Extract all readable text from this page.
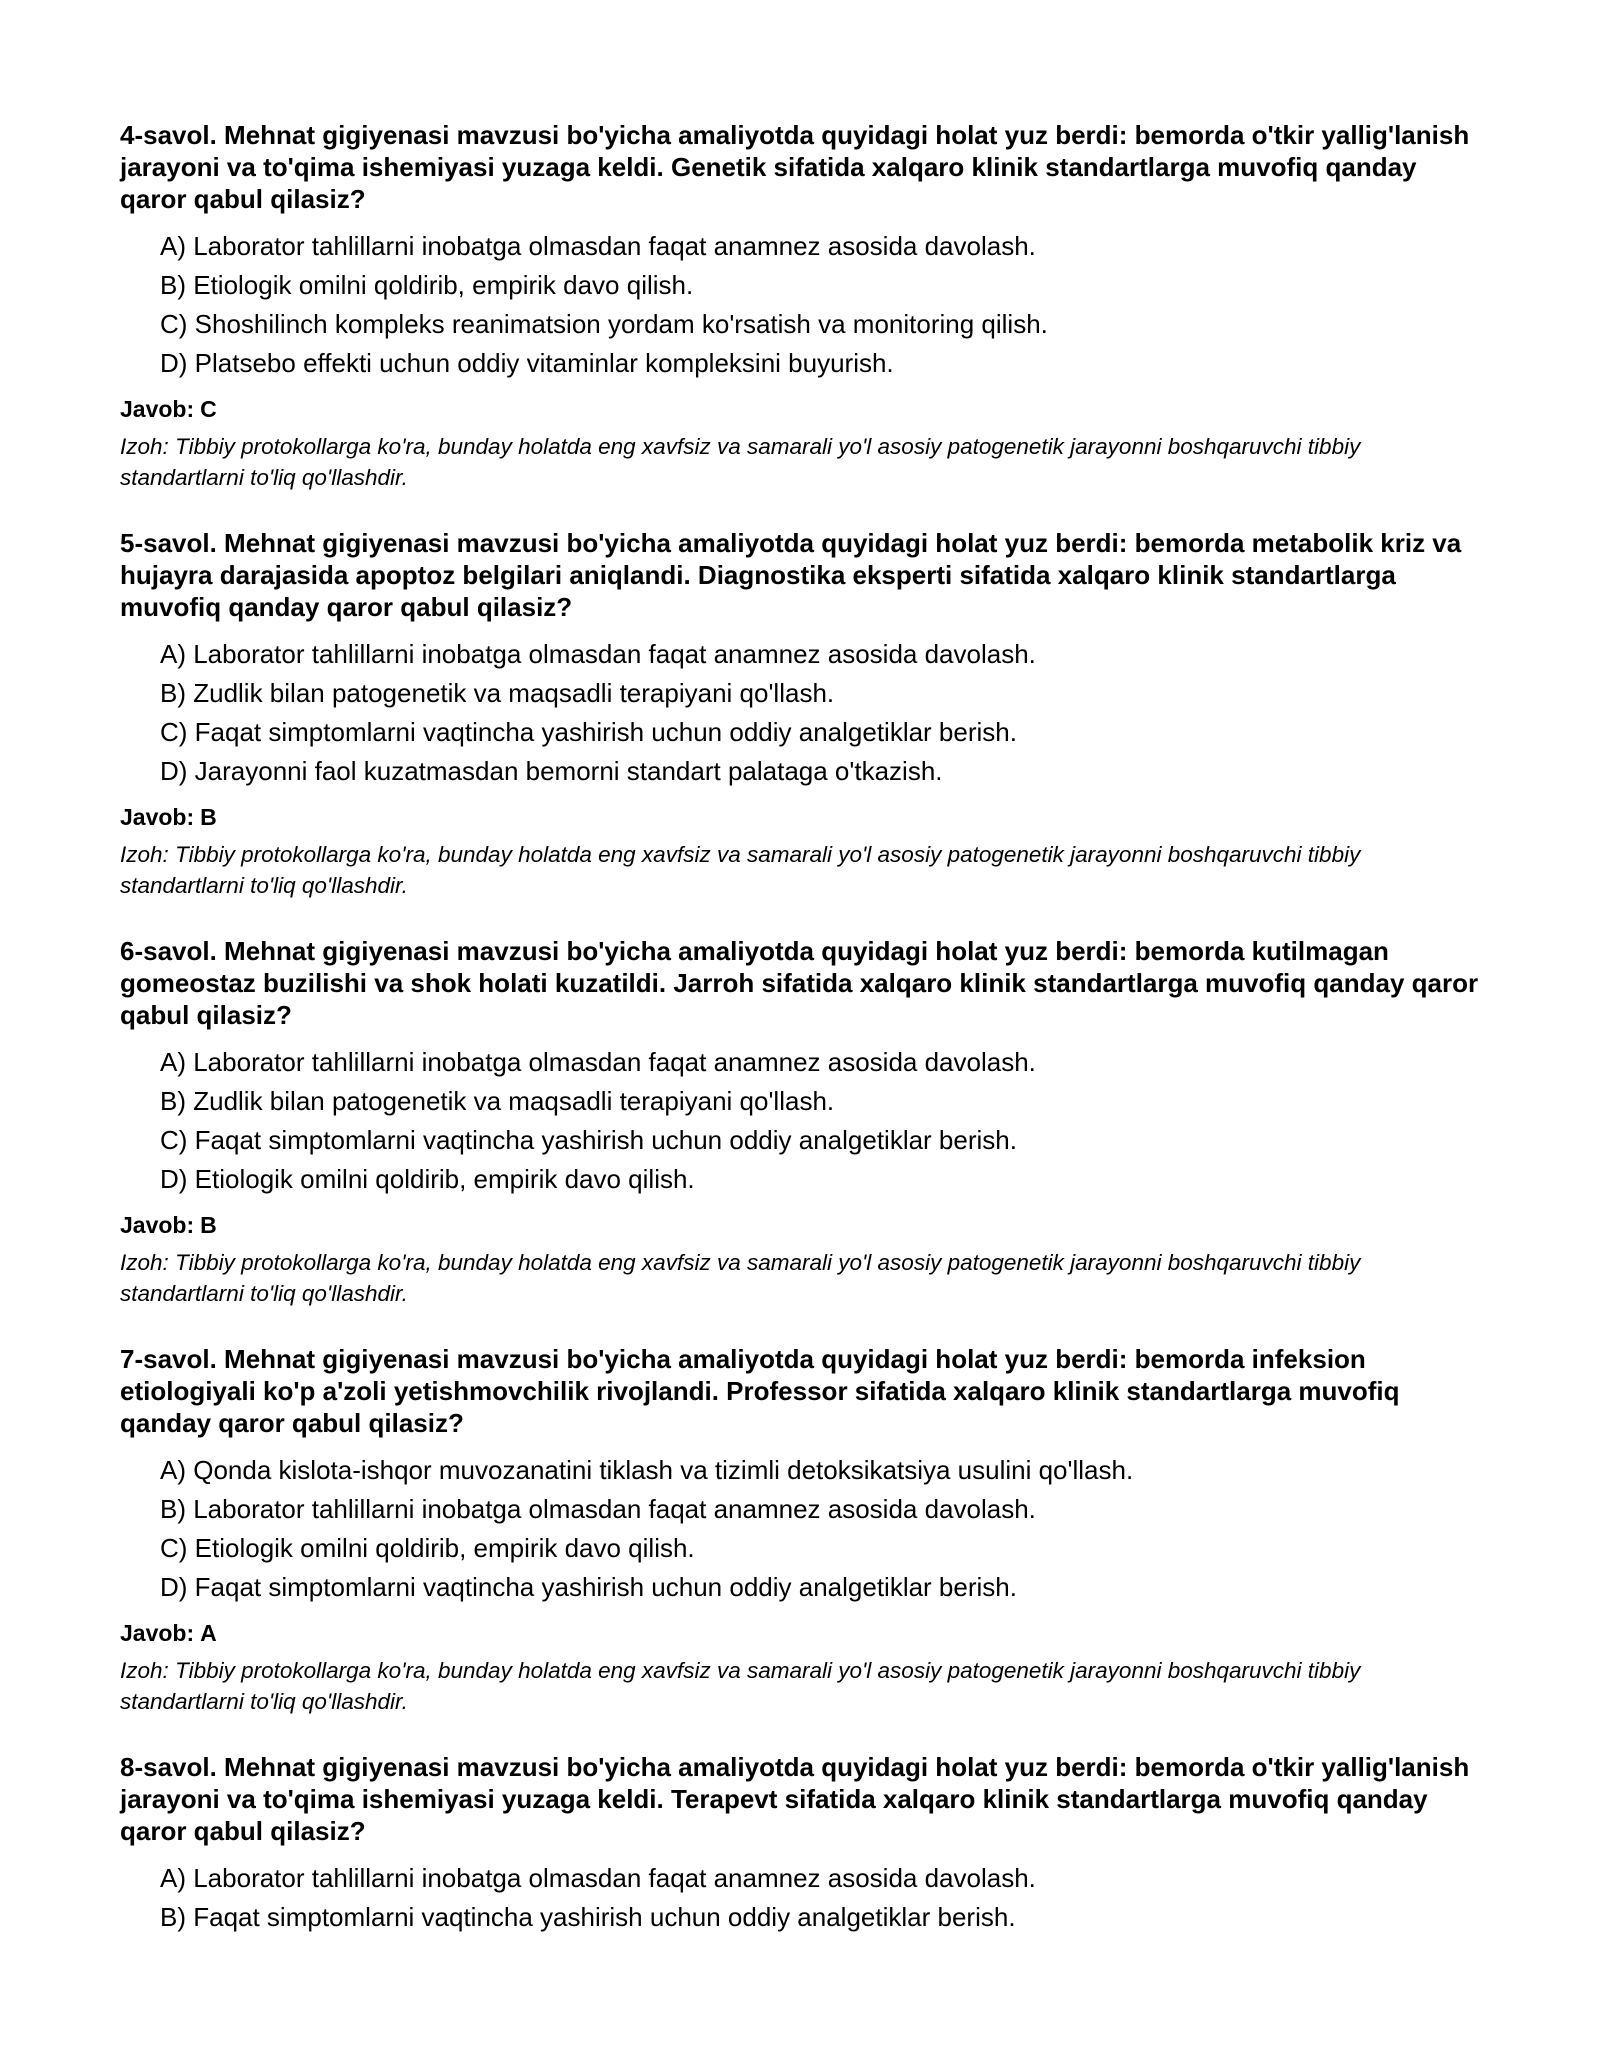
4-savol. Mehnat gigiyenasi mavzusi bo'yicha amaliyotda quyidagi holat yuz berdi: bemorda o'tkir yallig'lanish jarayoni va to'qima ishemiyasi yuzaga keldi. Genetik sifatida xalqaro klinik standartlarga muvofiq qanday qaror qabul qilasiz?

A) Laborator tahlillarni inobatga olmasdan faqat anamnez asosida davolash.
B) Etiologik omilni qoldirib, empirik davo qilish.
C) Shoshilinch kompleks reanimatsion yordam ko'rsatish va monitoring qilish.
D) Platsebo effekti uchun oddiy vitaminlar kompleksini buyurish.

Javob: C

Izoh: Tibbiy protokollarga ko'ra, bunday holatda eng xavfsiz va samarali yo'l asosiy patogenetik jarayonni boshqaruvchi tibbiy standartlarni to'liq qo'llashdir.

5-savol. Mehnat gigiyenasi mavzusi bo'yicha amaliyotda quyidagi holat yuz berdi: bemorda metabolik kriz va hujayra darajasida apoptoz belgilari aniqlandi. Diagnostika eksperti sifatida xalqaro klinik standartlarga muvofiq qanday qaror qabul qilasiz?

A) Laborator tahlillarni inobatga olmasdan faqat anamnez asosida davolash.
B) Zudlik bilan patogenetik va maqsadli terapiyani qo'llash.
C) Faqat simptomlarni vaqtincha yashirish uchun oddiy analgetiklar berish.
D) Jarayonni faol kuzatmasdan bemorni standart palataga o'tkazish.

Javob: B

Izoh: Tibbiy protokollarga ko'ra, bunday holatda eng xavfsiz va samarali yo'l asosiy patogenetik jarayonni boshqaruvchi tibbiy standartlarni to'liq qo'llashdir.

6-savol. Mehnat gigiyenasi mavzusi bo'yicha amaliyotda quyidagi holat yuz berdi: bemorda kutilmagan gomeostaz buzilishi va shok holati kuzatildi. Jarroh sifatida xalqaro klinik standartlarga muvofiq qanday qaror qabul qilasiz?

A) Laborator tahlillarni inobatga olmasdan faqat anamnez asosida davolash.
B) Zudlik bilan patogenetik va maqsadli terapiyani qo'llash.
C) Faqat simptomlarni vaqtincha yashirish uchun oddiy analgetiklar berish.
D) Etiologik omilni qoldirib, empirik davo qilish.

Javob: B

Izoh: Tibbiy protokollarga ko'ra, bunday holatda eng xavfsiz va samarali yo'l asosiy patogenetik jarayonni boshqaruvchi tibbiy standartlarni to'liq qo'llashdir.

7-savol. Mehnat gigiyenasi mavzusi bo'yicha amaliyotda quyidagi holat yuz berdi: bemorda infeksion etiologiyali ko'p a'zoli yetishmovchilik rivojlandi. Professor sifatida xalqaro klinik standartlarga muvofiq qanday qaror qabul qilasiz?

A) Qonda kislota-ishqor muvozanatini tiklash va tizimli detoksikatsiya usulini qo'llash.
B) Laborator tahlillarni inobatga olmasdan faqat anamnez asosida davolash.
C) Etiologik omilni qoldirib, empirik davo qilish.
D) Faqat simptomlarni vaqtincha yashirish uchun oddiy analgetiklar berish.

Javob: A

Izoh: Tibbiy protokollarga ko'ra, bunday holatda eng xavfsiz va samarali yo'l asosiy patogenetik jarayonni boshqaruvchi tibbiy standartlarni to'liq qo'llashdir.

8-savol. Mehnat gigiyenasi mavzusi bo'yicha amaliyotda quyidagi holat yuz berdi: bemorda o'tkir yallig'lanish jarayoni va to'qima ishemiyasi yuzaga keldi. Terapevt sifatida xalqaro klinik standartlarga muvofiq qanday qaror qabul qilasiz?

A) Laborator tahlillarni inobatga olmasdan faqat anamnez asosida davolash.
B) Faqat simptomlarni vaqtincha yashirish uchun oddiy analgetiklar berish.
